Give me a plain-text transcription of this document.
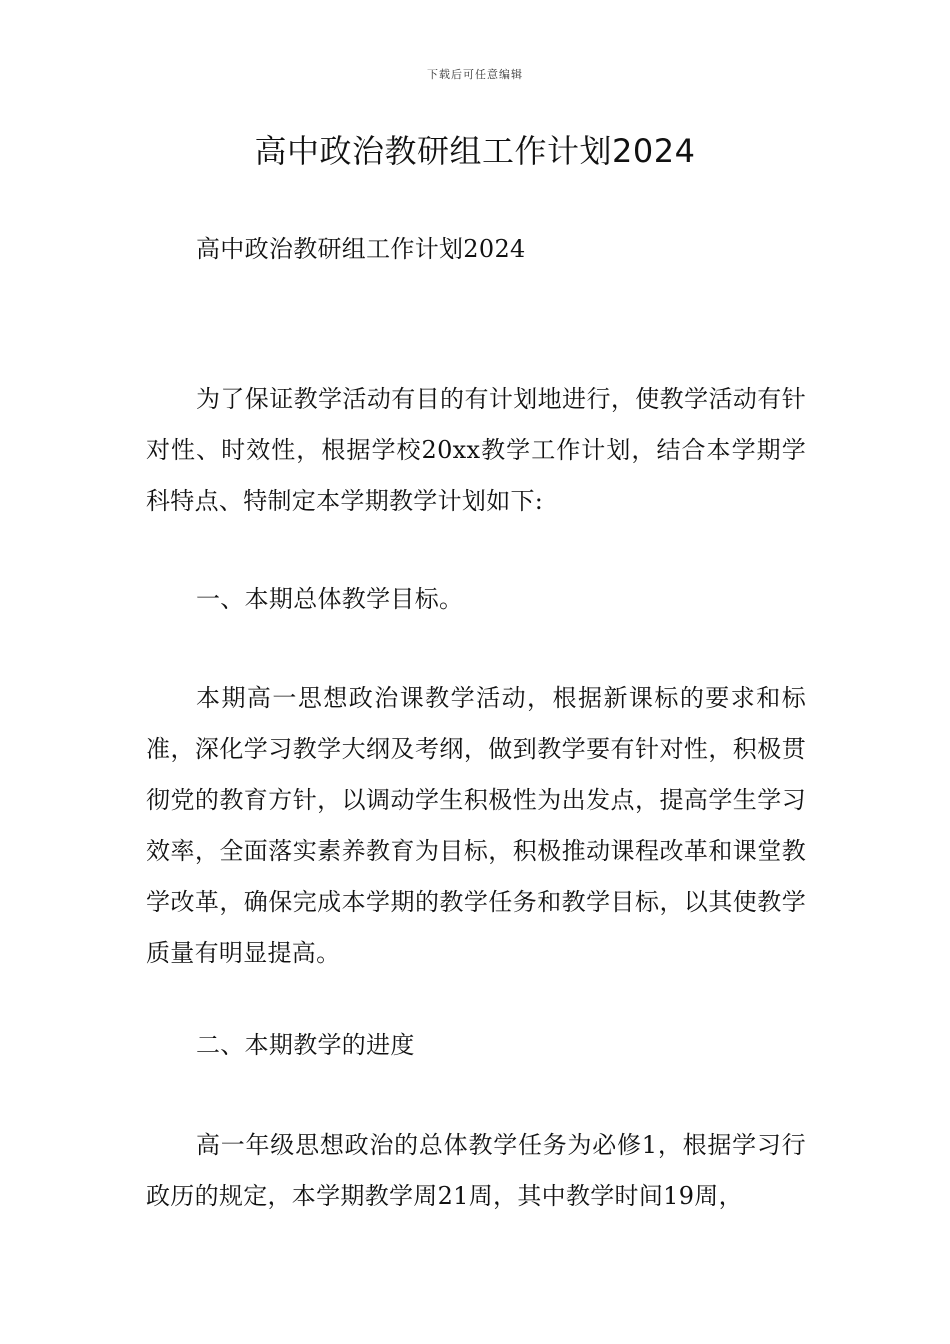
下载后可任意编辑
高中政治教研组工作计划2024

高中政治教研组工作计划2024

为了保证教学活动有目的有计划地进行，使教学活动有针对性、时效性，根据学校20xx教学工作计划，结合本学期学科特点、特制定本学期教学计划如下:

一、本期总体教学目标。

本期高一思想政治课教学活动，根据新课标的要求和标准，深化学习教学大纲及考纲，做到教学要有针对性，积极贯彻党的教育方针，以调动学生积极性为出发点，提高学生学习效率，全面落实素养教育为目标，积极推动课程改革和课堂教学改革，确保完成本学期的教学任务和教学目标，以其使教学质量有明显提高。

二、本期教学的进度

高一年级思想政治的总体教学任务为必修1，根据学习行政历的规定，本学期教学周21周，其中教学时间19周，
